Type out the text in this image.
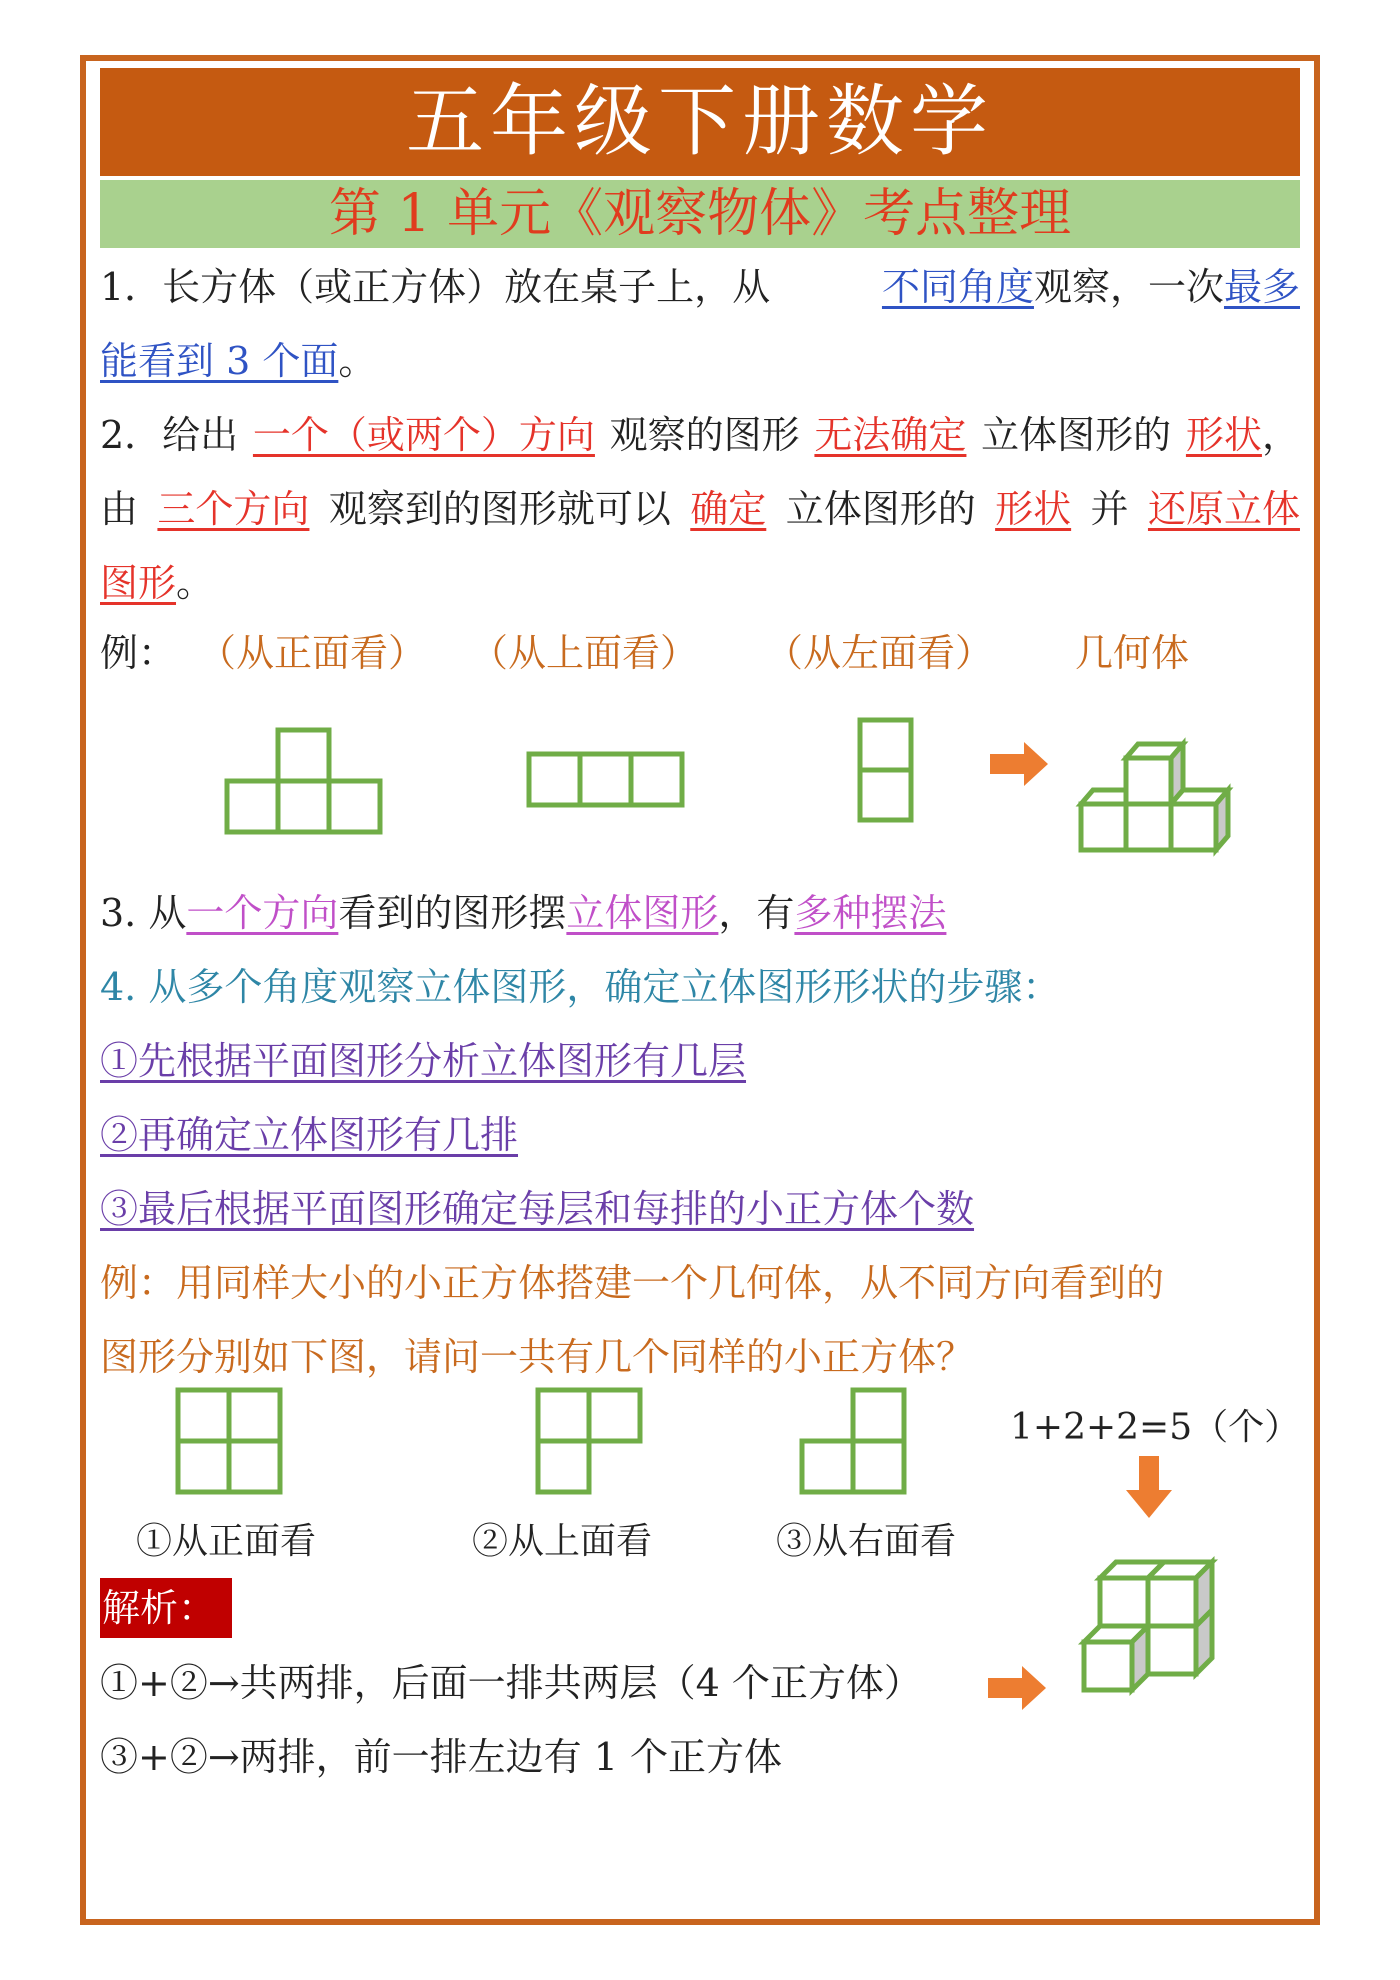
五年级下册数学
第 1 单元《观察物体》考点整理
1．长方体（或正方体）放在桌子上，从	不同角度观察，一次最多
能看到 3 个面。
2．给出 一个（或两个）方向 观察的图形 无法确定 立体图形的 形状，
由 三个方向 观察到的图形就可以 确定 立体图形的 形状 并 还原立体
图形。
例： （从正面看） （从上面看） （从左面看） 几何体
3. 从一个方向看到的图形摆立体图形，有多种摆法
4. 从多个角度观察立体图形，确定立体图形形状的步骤：
①先根据平面图形分析立体图形有几层
②再确定立体图形有几排
③最后根据平面图形确定每层和每排的小正方体个数
例：用同样大小的小正方体搭建一个几何体，从不同方向看到的
图形分别如下图，请问一共有几个同样的小正方体？
①从正面看	②从上面看	③从右面看
1+2+2=5（个）
解析：
①+②→共两排，后面一排共两层（4 个正方体）
③+②→两排，前一排左边有 1 个正方体
